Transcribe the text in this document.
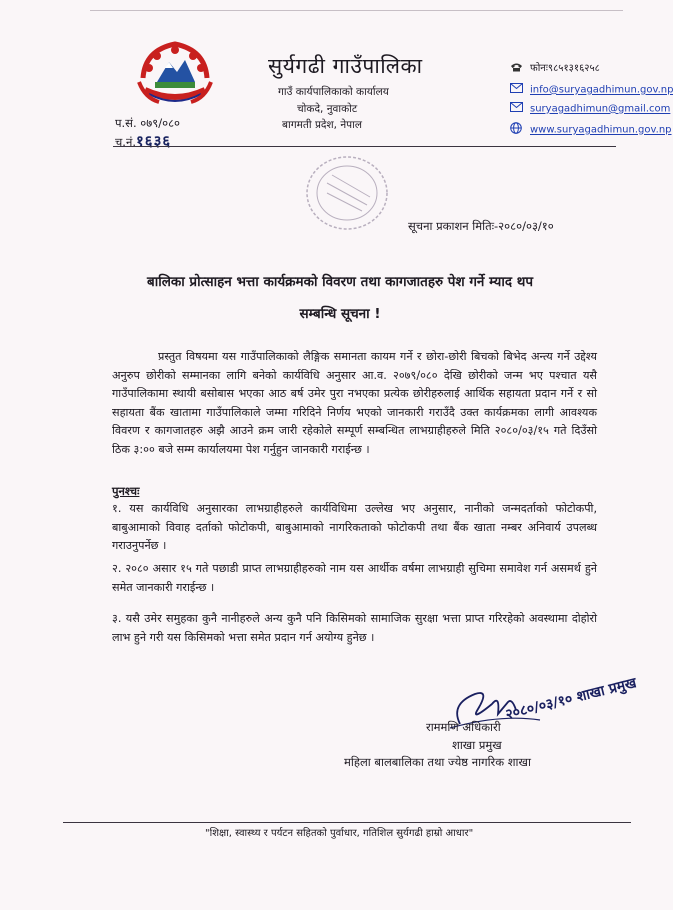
सुर्यगढी गाउँपालिका
गाउँ कार्यपालिकाको कार्यालय
चोकदे, नुवाकोट
बागमती प्रदेश, नेपाल
फोनः९८५१३१६२५८
info@suryagadhimun.gov.np
suryagadhimun@gmail.com
www.suryagadhimun.gov.np
प.सं. ०७९/०८०
च.नं.१६३६
सूचना प्रकाशन मितिः-२०८०/०३/१०
बालिका प्रोत्साहन भत्ता कार्यक्रमको विवरण तथा कागजातहरु पेश गर्ने म्याद थप
सम्बन्धि सूचना !
प्रस्तुत विषयमा यस गाउँपालिकाको लैङ्गिक समानता कायम गर्ने र छोरा-छोरी बिचको बिभेद अन्त्य गर्ने उद्देश्य अनुरुप छोरीको सम्मानका लागि बनेको कार्यविधि अनुसार आ.व. २०७९/०८० देखि छोरीको जन्म भए पश्चात यसै गाउँपालिकामा स्थायी बसोबास भएका आठ बर्ष उमेर पुरा नभएका प्रत्येक छोरीहरुलाई आर्थिक सहायता प्रदान गर्ने र सो सहायता बैंक खातामा गाउँपालिकाले जम्मा गरिदिने निर्णय भएको जानकारी गराउँदै उक्त कार्यक्रमका लागी आवश्यक विवरण र कागजातहरु अझै आउने क्रम जारी रहेकोले सम्पूर्ण सम्बन्धित लाभग्राहीहरुले मिति २०८०/०३/१५ गते दिउँसो ठिक ३:०० बजे सम्म कार्यालयमा पेश गर्नुहुन जानकारी गराईन्छ ।
पुनश्चः
१. यस कार्यविधि अनुसारका लाभग्राहीहरुले कार्यविधिमा उल्लेख भए अनुसार, नानीको जन्मदर्ताको फोटोकपी, बाबुआमाको विवाह दर्ताको फोटोकपी, बाबुआमाको नागरिकताको फोटोकपी तथा बैंक खाता नम्बर अनिवार्य उपलब्ध गराउनुपर्नेछ ।
२. २०८० असार १५ गते पछाडी प्राप्त लाभग्राहीहरुको नाम यस आर्थीक वर्षमा लाभग्राही सुचिमा समावेश गर्न असमर्थ हुने समेत जानकारी गराईन्छ ।
३. यसै उमेर समुहका कुनै नानीहरुले अन्य कुनै पनि किसिमको सामाजिक सुरक्षा भत्ता प्राप्त गरिरहेको अवस्थामा दोहोरो लाभ हुने गरी यस किसिमको भत्ता समेत प्रदान गर्न अयोग्य हुनेछ ।
२०८०/०३/१० शाखा प्रमुख
राममणि अधिकारी
शाखा प्रमुख
महिला बालबालिका तथा ज्येष्ठ नागरिक शाखा
"शिक्षा, स्वास्थ्य र पर्यटन सहितको पुर्वाधार, गतिशिल सुर्यगढी हाम्रो आधार"
